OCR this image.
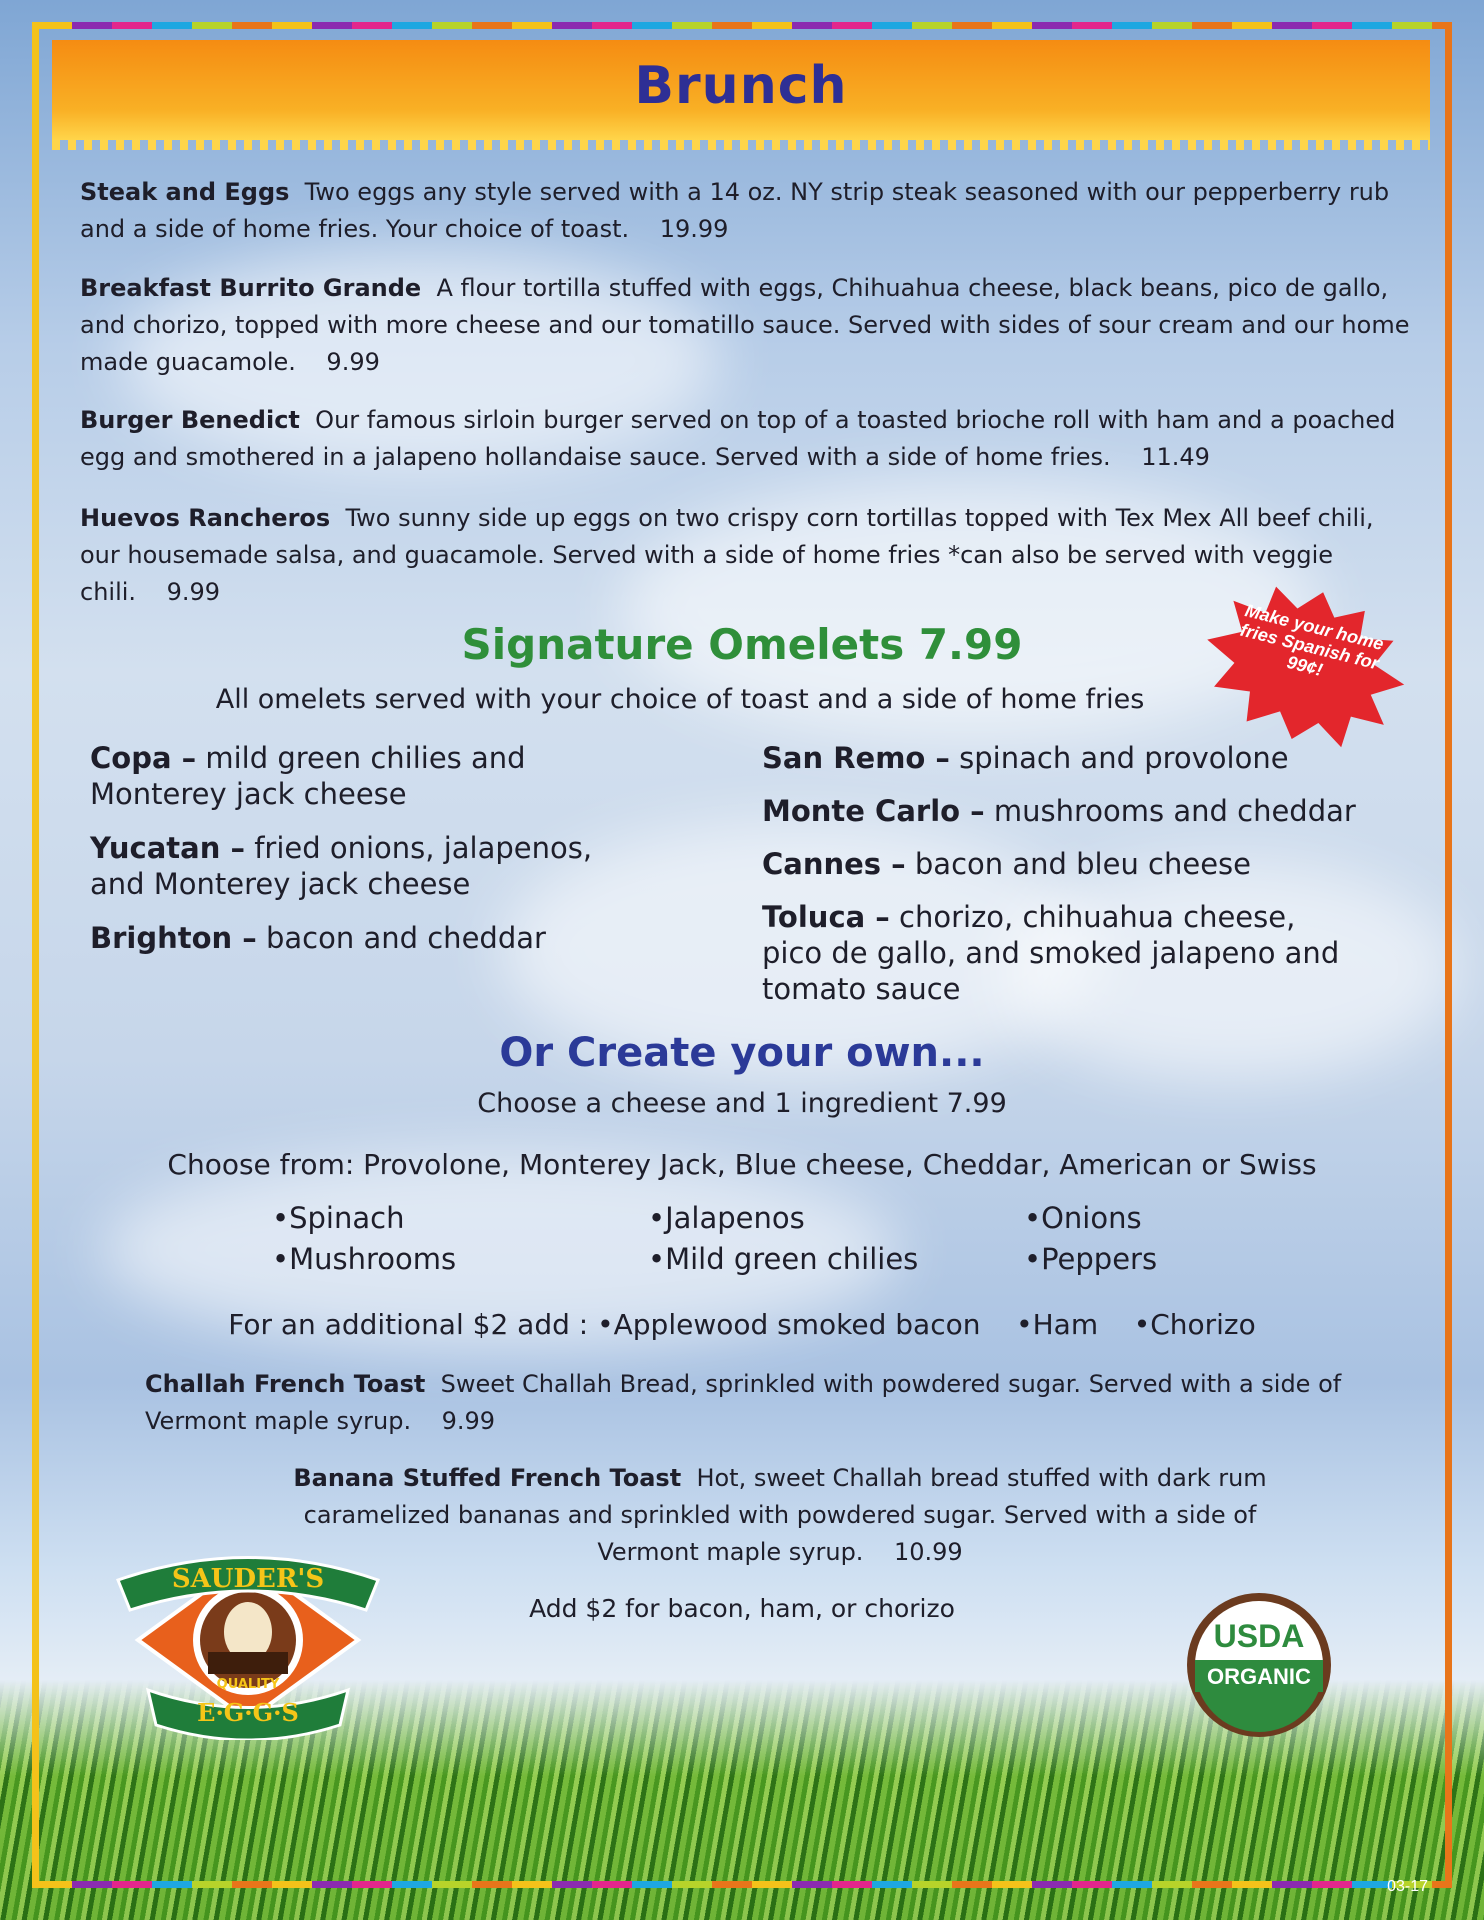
Brunch
Steak and Eggs Two eggs any style served with a 14 oz. NY strip steak seasoned with our pepperberry rub and a side of home fries. Your choice of toast. 19.99
Breakfast Burrito Grande A flour tortilla stuffed with eggs, Chihuahua cheese, black beans, pico de gallo, and chorizo, topped with more cheese and our tomatillo sauce. Served with sides of sour cream and our home made guacamole. 9.99
Burger Benedict Our famous sirloin burger served on top of a toasted brioche roll with ham and a poached egg and smothered in a jalapeno hollandaise sauce. Served with a side of home fries. 11.49
Huevos Rancheros Two sunny side up eggs on two crispy corn tortillas topped with Tex Mex All beef chili, our housemade salsa, and guacamole. Served with a side of home fries *can also be served with veggie chili. 9.99
Signature Omelets 7.99
All omelets served with your choice of toast and a side of home fries
Make your home fries Spanish for 99¢!
Copa – mild green chilies and Monterey jack cheese
Yucatan – fried onions, jalapenos, and Monterey jack cheese
Brighton – bacon and cheddar
San Remo – spinach and provolone
Monte Carlo – mushrooms and cheddar
Cannes – bacon and bleu cheese
Toluca – chorizo, chihuahua cheese, pico de gallo, and smoked jalapeno and tomato sauce
Or Create your own...
Choose a cheese and 1 ingredient 7.99
Choose from: Provolone, Monterey Jack, Blue cheese, Cheddar, American or Swiss
•Spinach
•Mushrooms
•Jalapenos
•Mild green chilies
•Onions
•Peppers
For an additional $2 add : •Applewood smoked bacon    •Ham    •Chorizo
Challah French Toast Sweet Challah Bread, sprinkled with powdered sugar. Served with a side of Vermont maple syrup. 9.99
Banana Stuffed French Toast Hot, sweet Challah bread stuffed with dark rum caramelized bananas and sprinkled with powdered sugar. Served with a side of Vermont maple syrup. 10.99
Add $2 for bacon, ham, or chorizo
SAUDER'S
QUALITY
E·G·G·S
USDA
ORGANIC
03-17
